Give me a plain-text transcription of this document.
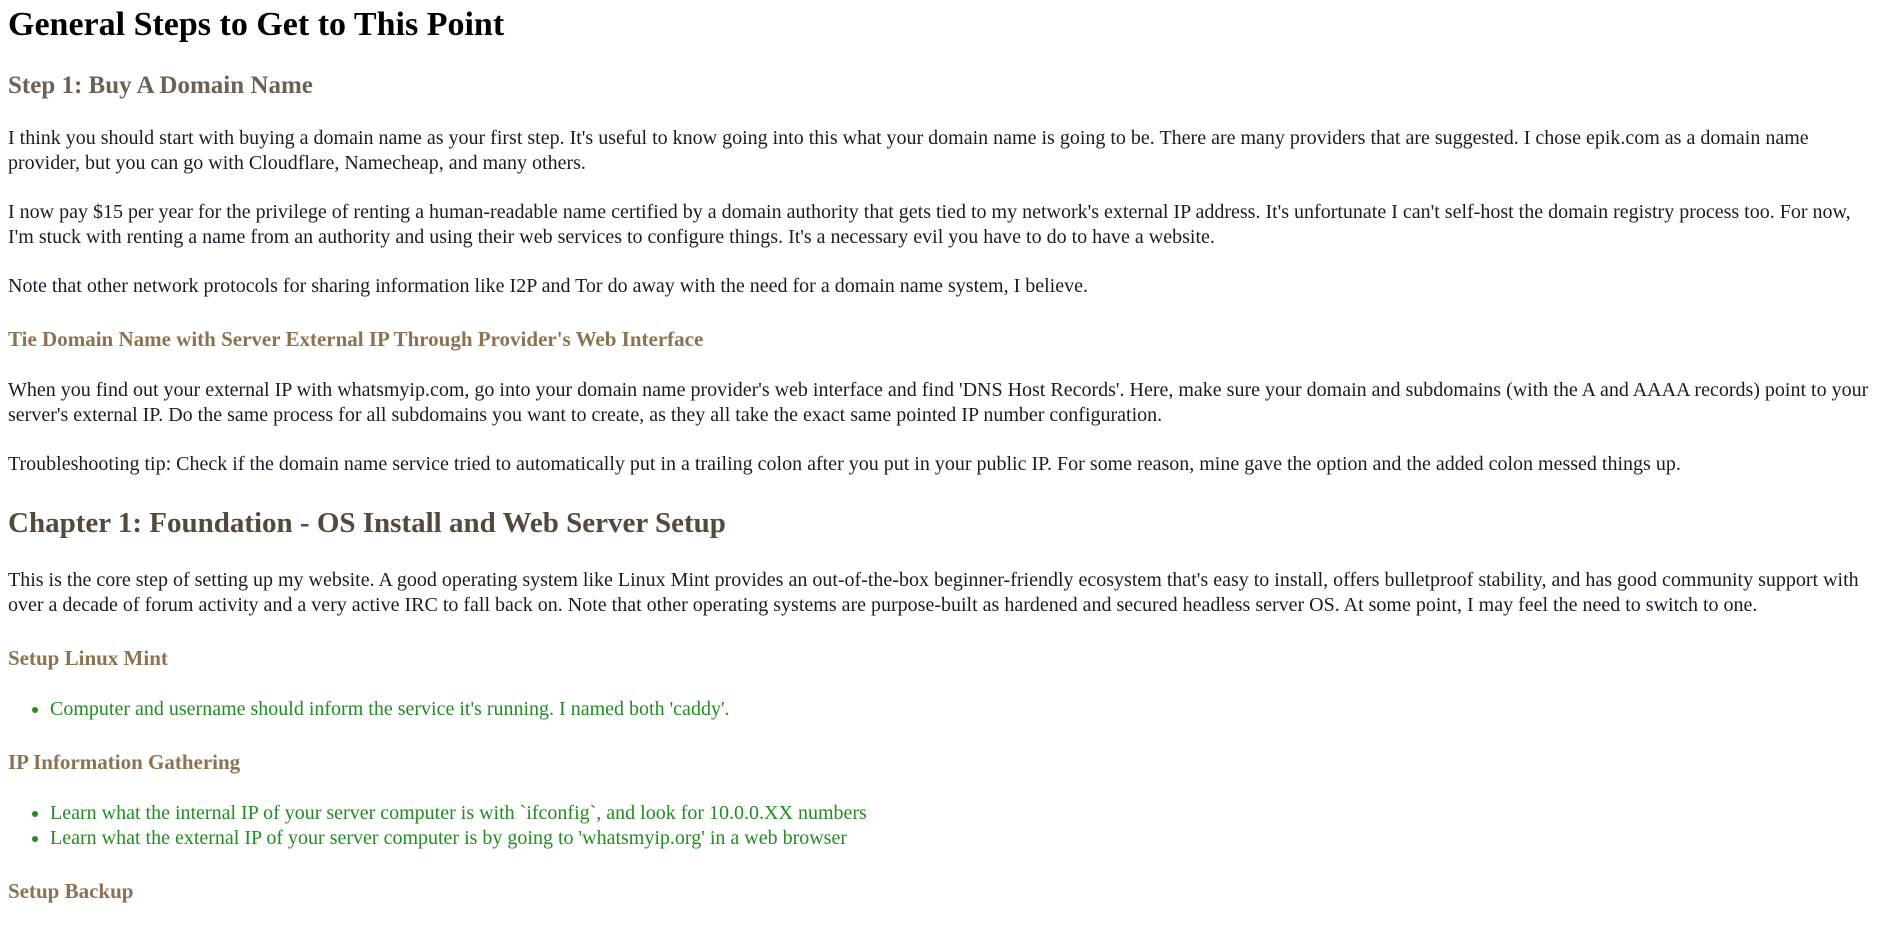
General Steps to Get to This Point
Step 1: Buy A Domain Name

I think you should start with buying a domain name as your first step. It's useful to know going into this what your domain name is going to be. There are many providers that are suggested. I chose epik.com as a domain name provider, but you can go with Cloudflare, Namecheap, and many others.

I now pay $15 per year for the privilege of renting a human-readable name certified by a domain authority that gets tied to my network's external IP address. It's unfortunate I can't self-host the domain registry process too. For now, I'm stuck with renting a name from an authority and using their web services to configure things. It's a necessary evil you have to do to have a website.

Note that other network protocols for sharing information like I2P and Tor do away with the need for a domain name system, I believe.

Tie Domain Name with Server External IP Through Provider's Web Interface

When you find out your external IP with whatsmyip.com, go into your domain name provider's web interface and find 'DNS Host Records'. Here, make sure your domain and subdomains (with the A and AAAA records) point to your server's external IP. Do the same process for all subdomains you want to create, as they all take the exact same pointed IP number configuration.

Troubleshooting tip: Check if the domain name service tried to automatically put in a trailing colon after you put in your public IP. For some reason, mine gave the option and the added colon messed things up.

Chapter 1: Foundation - OS Install and Web Server Setup

This is the core step of setting up my website. A good operating system like Linux Mint provides an out-of-the-box beginner-friendly ecosystem that's easy to install, offers bulletproof stability, and has good community support with over a decade of forum activity and a very active IRC to fall back on. Note that other operating systems are purpose-built as hardened and secured headless server OS. At some point, I may feel the need to switch to one.

Setup Linux Mint
• Computer and username should inform the service it's running. I named both 'caddy'.
IP Information Gathering
• Learn what the internal IP of your server computer is with `ifconfig`, and look for 10.0.0.XX numbers
• Learn what the external IP of your server computer is by going to 'whatsmyip.org' in a web browser
Setup Backup
